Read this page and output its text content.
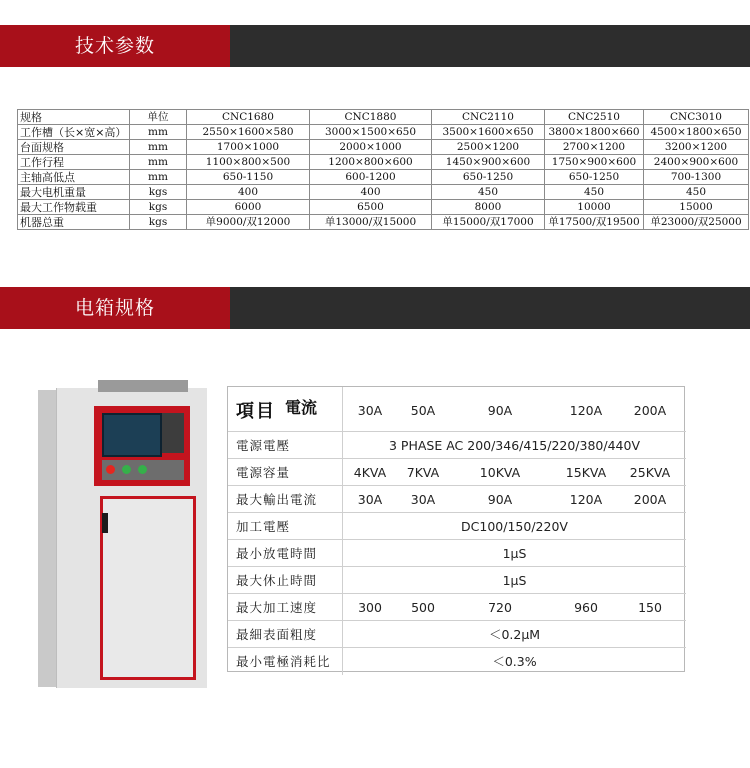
技术参数
规格	单位	CNC1680	CNC1880	CNC2110	CNC2510	CNC3010
工作槽（长×宽×高）	mm	2550×1600×580	3000×1500×650	3500×1600×650	3800×1800×660	4500×1800×650
台面规格	mm	1700×1000	2000×1000	2500×1200	2700×1200	3200×1200
工作行程	mm	1100×800×500	1200×800×600	1450×900×600	1750×900×600	2400×900×600
主轴高低点	mm	650-1150	600-1200	650-1250	650-1250	700-1300
最大电机重量	kgs	400	400	450	450	450
最大工作物载重	kgs	6000	6500	8000	10000	15000
机器总重	kgs	单9000/双12000	单13000/双15000	单15000/双17000	单17500/双19500	单23000/双25000
电箱规格
項目 電流	30A	50A	90A	120A	200A
電源電壓	3 PHASE AC 200/346/415/220/380/440V
電源容量	4KVA	7KVA	10KVA	15KVA	25KVA
最大輸出電流	30A	30A	90A	120A	200A
加工電壓	DC100/150/220V
最小放電時間	1μS
最大休止時間	1μS
最大加工速度	300	500	720	960	150
最細表面粗度	＜0.2μM
最小電極消耗比	＜0.3%
